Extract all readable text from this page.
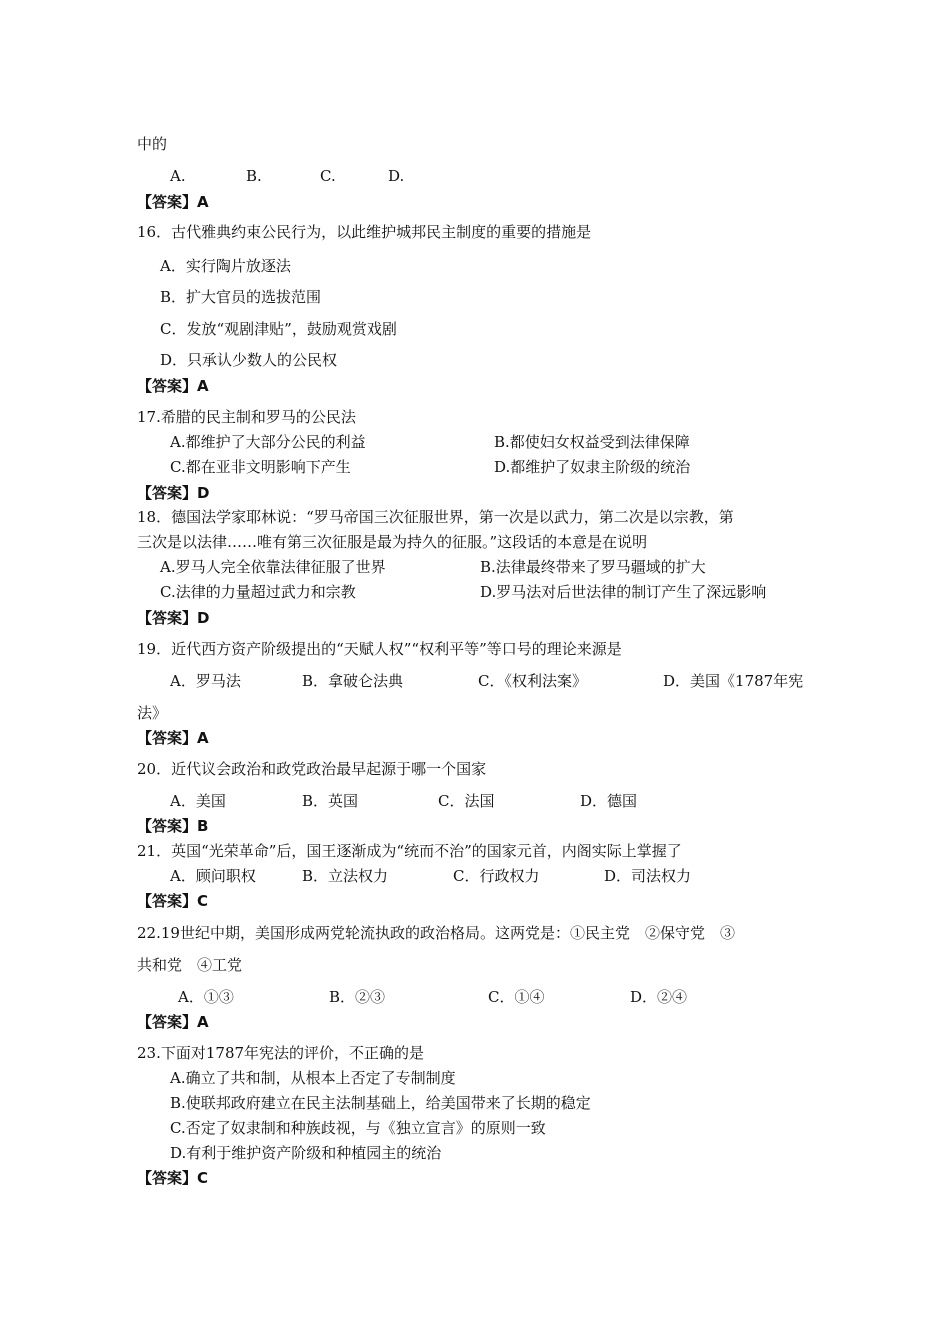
中的
A.	B.	C.	D.
【答案】A
16．古代雅典约束公民行为，以此维护城邦民主制度的重要的措施是
A．实行陶片放逐法
B．扩大官员的选拔范围
C．发放“观剧津贴”，鼓励观赏戏剧
D．只承认少数人的公民权
【答案】A
17.希腊的民主制和罗马的公民法
A.都维护了大部分公民的利益	B.都使妇女权益受到法律保障
C.都在亚非文明影响下产生	D.都维护了奴隶主阶级的统治
【答案】D
18．德国法学家耶林说：“罗马帝国三次征服世界，第一次是以武力，第二次是以宗教，第
三次是以法律……唯有第三次征服是最为持久的征服。”这段话的本意是在说明
A.罗马人完全依靠法律征服了世界	B.法律最终带来了罗马疆域的扩大
C.法律的力量超过武力和宗教	D.罗马法对后世法律的制订产生了深远影响
【答案】D
19．近代西方资产阶级提出的“天赋人权”“权利平等”等口号的理论来源是
A．罗马法	B．拿破仑法典	C．《权利法案》	D．美国《1787年宪
法》
【答案】A
20．近代议会政治和政党政治最早起源于哪一个国家
A．美国	B．英国	C．法国	D．德国
【答案】B
21．英国“光荣革命”后，国王逐渐成为“统而不治”的国家元首，内阁实际上掌握了
A．顾问职权	B．立法权力	C．行政权力	D．司法权力
【答案】C
22.19世纪中期，美国形成两党轮流执政的政治格局。这两党是：①民主党　②保守党　③
共和党　④工党
A．①③	B．②③	C．①④	D．②④
【答案】A
23.下面对1787年宪法的评价，不正确的是
A.确立了共和制，从根本上否定了专制制度
B.使联邦政府建立在民主法制基础上，给美国带来了长期的稳定
C.否定了奴隶制和种族歧视，与《独立宣言》的原则一致
D.有利于维护资产阶级和种植园主的统治
【答案】C
